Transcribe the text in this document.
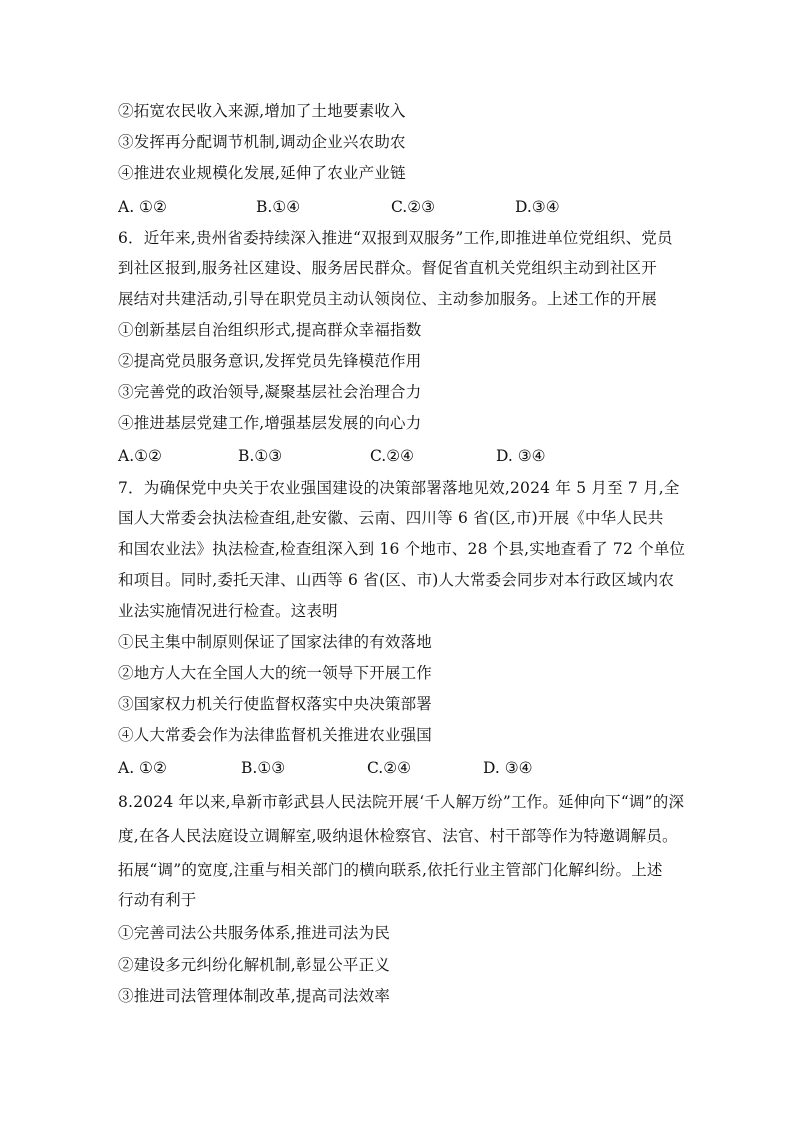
②拓宽农民收入来源,增加了土地要素收入
③发挥再分配调节机制,调动企业兴农助农
④推进农业规模化发展,延伸了农业产业链
A. ①②	B.①④	C.②③	D.③④
6．近年来,贵州省委持续深入推进“双报到双服务”工作,即推进单位党组织、党员
到社区报到,服务社区建设、服务居民群众。督促省直机关党组织主动到社区开
展结对共建活动,引导在职党员主动认领岗位、主动参加服务。上述工作的开展
①创新基层自治组织形式,提高群众幸福指数
②提高党员服务意识,发挥党员先锋模范作用
③完善党的政治领导,凝聚基层社会治理合力
④推进基层党建工作,增强基层发展的向心力
A.①②	B.①③	C.②④	D. ③④
7．为确保党中央关于农业强国建设的决策部署落地见效,2024 年 5 月至 7 月,全
国人大常委会执法检查组,赴安徽、云南、四川等 6 省(区,市)开展《中华人民共
和国农业法》执法检查,检查组深入到 16 个地市、28 个县,实地查看了 72 个单位
和项目。同时,委托天津、山西等 6 省(区、市)人大常委会同步对本行政区域内农
业法实施情况进行检查。这表明
①民主集中制原则保证了国家法律的有效落地
②地方人大在全国人大的统一领导下开展工作
③国家权力机关行使监督权落实中央决策部署
④人大常委会作为法律监督机关推进农业强国
A. ①②	B.①③	C.②④	D. ③④
8.2024 年以来,阜新市彰武县人民法院开展‘千人解万纷”工作。延伸向下“调”的深
度,在各人民法庭设立调解室,吸纳退休检察官、法官、村干部等作为特邀调解员。
拓展“调”的宽度,注重与相关部门的横向联系,依托行业主管部门化解纠纷。上述
行动有利于
①完善司法公共服务体系,推进司法为民
②建设多元纠纷化解机制,彰显公平正义
③推进司法管理体制改革,提高司法效率
